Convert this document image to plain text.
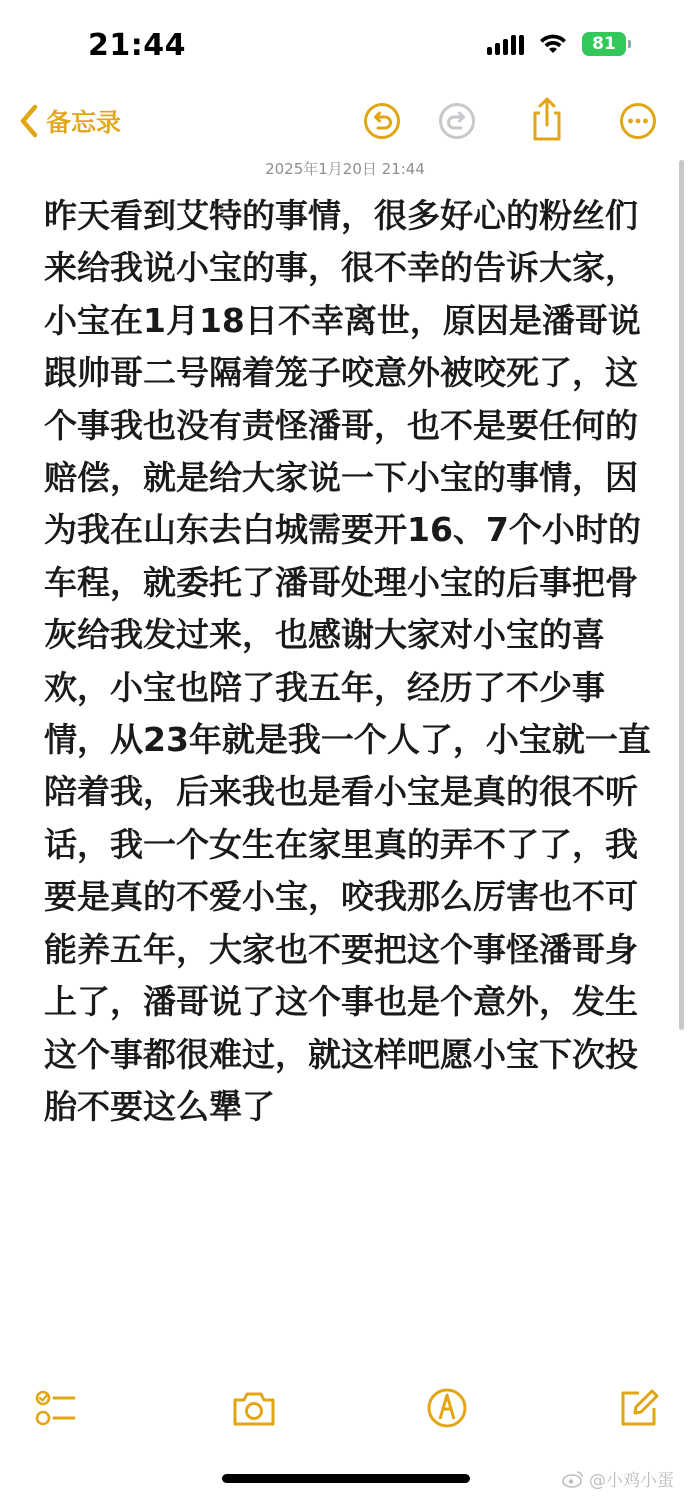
21:44	81
备忘录
2025年1月20日 21:44
昨天看到艾特的事情，很多好心的粉丝们来给我说小宝的事，很不幸的告诉大家，小宝在1月18日不幸离世，原因是潘哥说跟帅哥二号隔着笼子咬意外被咬死了，这个事我也没有责怪潘哥，也不是要任何的赔偿，就是给大家说一下小宝的事情，因为我在山东去白城需要开16、7个小时的车程，就委托了潘哥处理小宝的后事把骨灰给我发过来，也感谢大家对小宝的喜欢，小宝也陪了我五年，经历了不少事情，从23年就是我一个人了，小宝就一直陪着我，后来我也是看小宝是真的很不听话，我一个女生在家里真的弄不了了，我要是真的不爱小宝，咬我那么厉害也不可能养五年，大家也不要把这个事怪潘哥身上了，潘哥说了这个事也是个意外，发生这个事都很难过，就这样吧愿小宝下次投胎不要这么犟了
@小鸡小蛋
